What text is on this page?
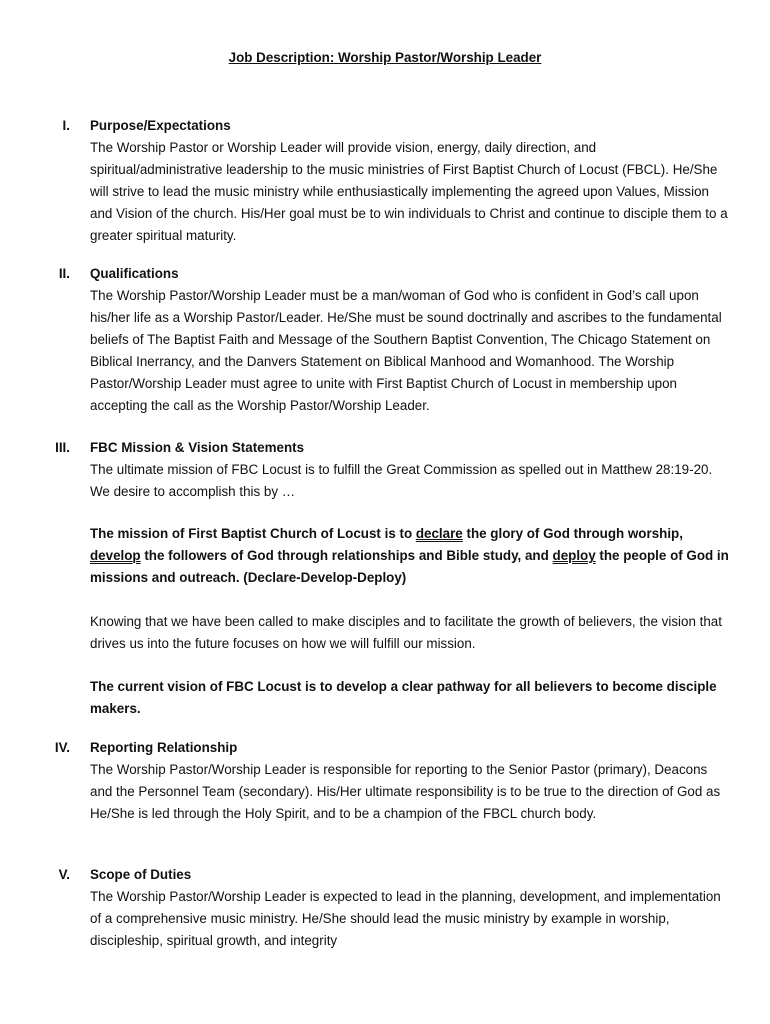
Job Description: Worship Pastor/Worship Leader
I. Purpose/Expectations

The Worship Pastor or Worship Leader will provide vision, energy, daily direction, and spiritual/administrative leadership to the music ministries of First Baptist Church of Locust (FBCL). He/She will strive to lead the music ministry while enthusiastically implementing the agreed upon Values, Mission and Vision of the church. His/Her goal must be to win individuals to Christ and continue to disciple them to a greater spiritual maturity.

II. Qualifications

The Worship Pastor/Worship Leader must be a man/woman of God who is confident in God’s call upon his/her life as a Worship Pastor/Leader. He/She must be sound doctrinally and ascribes to the fundamental beliefs of The Baptist Faith and Message of the Southern Baptist Convention, The Chicago Statement on Biblical Inerrancy, and the Danvers Statement on Biblical Manhood and Womanhood. The Worship Pastor/Worship Leader must agree to unite with First Baptist Church of Locust in membership upon accepting the call as the Worship Pastor/Worship Leader.

III. FBC Mission & Vision Statements

The ultimate mission of FBC Locust is to fulfill the Great Commission as spelled out in Matthew 28:19-20. We desire to accomplish this by …

The mission of First Baptist Church of Locust is to declare the glory of God through worship, develop the followers of God through relationships and Bible study, and deploy the people of God in missions and outreach. (Declare-Develop-Deploy)

Knowing that we have been called to make disciples and to facilitate the growth of believers, the vision that drives us into the future focuses on how we will fulfill our mission.

The current vision of FBC Locust is to develop a clear pathway for all believers to become disciple makers.

IV. Reporting Relationship

The Worship Pastor/Worship Leader is responsible for reporting to the Senior Pastor (primary), Deacons and the Personnel Team (secondary). His/Her ultimate responsibility is to be true to the direction of God as He/She is led through the Holy Spirit, and to be a champion of the FBCL church body.

V. Scope of Duties

The Worship Pastor/Worship Leader is expected to lead in the planning, development, and implementation of a comprehensive music ministry. He/She should lead the music ministry by example in worship, discipleship, spiritual growth, and integrity
